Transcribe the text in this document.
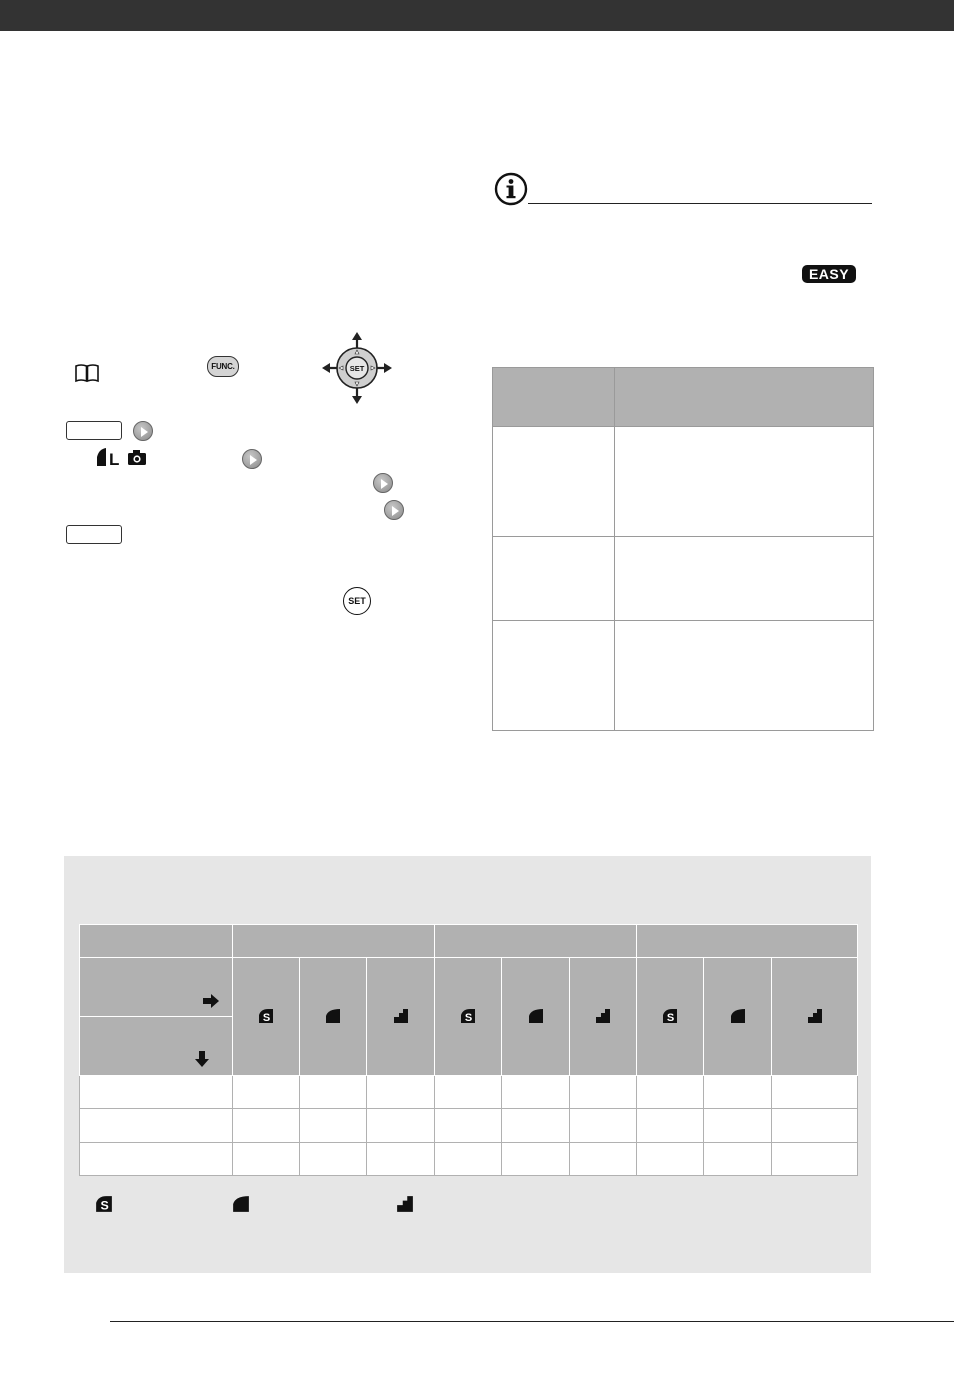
FUNC.	SET
L
SET
EASY

S			S			S

S
